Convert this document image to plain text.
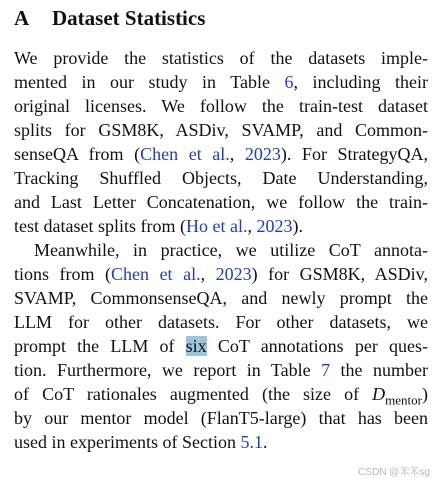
A Dataset Statistics
We provide the statistics of the datasets imple-
mented in our study in Table 6, including their
original licenses. We follow the train-test dataset
splits for GSM8K, ASDiv, SVAMP, and Common-
senseQA from (Chen et al., 2023). For StrategyQA,
Tracking Shuffled Objects, Date Understanding,
and Last Letter Concatenation, we follow the train-
test dataset splits from (Ho et al., 2023).
Meanwhile, in practice, we utilize CoT annota-
tions from (Chen et al., 2023) for GSM8K, ASDiv,
SVAMP, CommonsenseQA, and newly prompt the
LLM for other datasets. For other datasets, we
prompt the LLM of six CoT annotations per ques-
tion. Furthermore, we report in Table 7 the number
of CoT rationales augmented (the size of $D_{mentor}$)
by our mentor model (FlanT5-large) that has been
used in experiments of Section 5.1.
CSDN @苯苯sg
